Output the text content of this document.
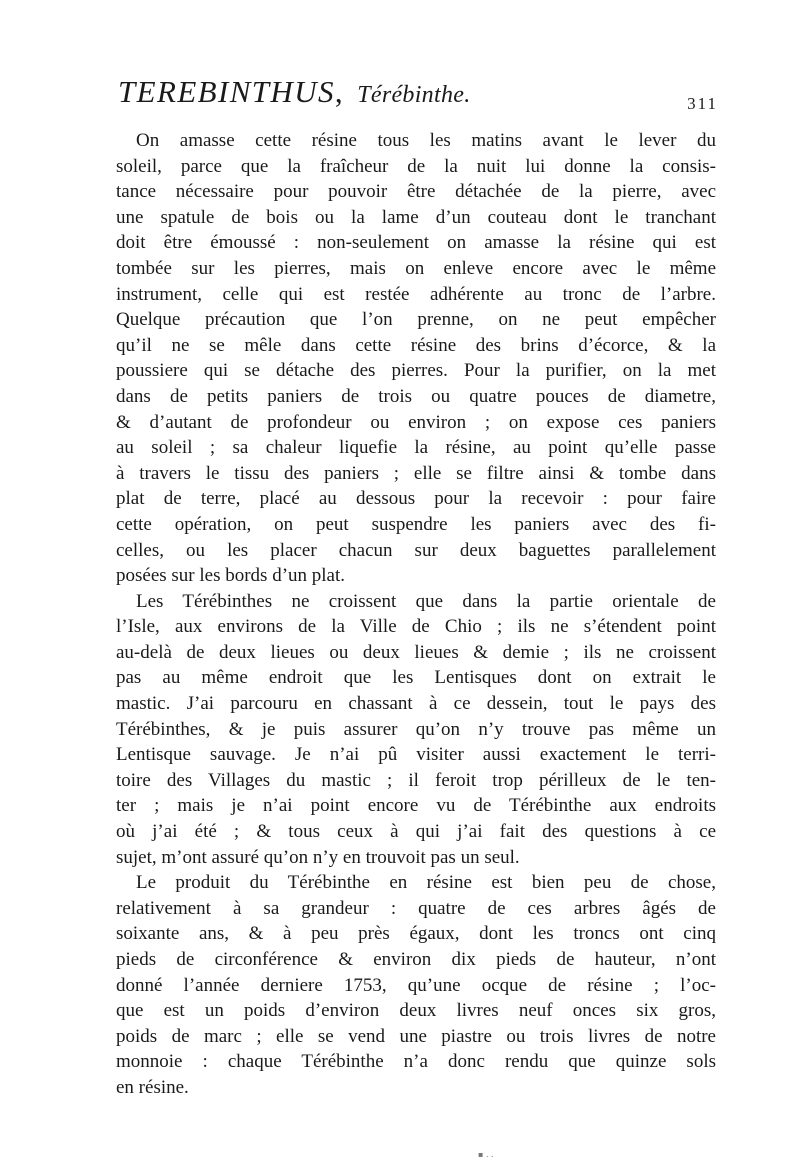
TEREBINTHUS, Térébinthe.	311
On amasse cette résine tous les matins avant le lever du
soleil, parce que la fraîcheur de la nuit lui donne la consis-
tance nécessaire pour pouvoir être détachée de la pierre, avec
une spatule de bois ou la lame d’un couteau dont le tranchant
doit être émoussé : non-seulement on amasse la résine qui est
tombée sur les pierres, mais on enleve encore avec le même
instrument, celle qui est restée adhérente au tronc de l’arbre.
Quelque précaution que l’on prenne, on ne peut empêcher
qu’il ne se mêle dans cette résine des brins d’écorce, & la
poussiere qui se détache des pierres. Pour la purifier, on la met
dans de petits paniers de trois ou quatre pouces de diametre,
& d’autant de profondeur ou environ ; on expose ces paniers
au soleil ; sa chaleur liquefie la résine, au point qu’elle passe
à travers le tissu des paniers ; elle se filtre ainsi & tombe dans
plat de terre, placé au dessous pour la recevoir : pour faire
cette opération, on peut suspendre les paniers avec des fi-
celles, ou les placer chacun sur deux baguettes parallelement
posées sur les bords d’un plat.
Les Térébinthes ne croissent que dans la partie orientale de
l’Isle, aux environs de la Ville de Chio ; ils ne s’étendent point
au-delà de deux lieues ou deux lieues & demie ; ils ne croissent
pas au même endroit que les Lentisques dont on extrait le
mastic. J’ai parcouru en chassant à ce dessein, tout le pays des
Térébinthes, & je puis assurer qu’on n’y trouve pas même un
Lentisque sauvage. Je n’ai pû visiter aussi exactement le terri-
toire des Villages du mastic ; il feroit trop périlleux de le ten-
ter ; mais je n’ai point encore vu de Térébinthe aux endroits
où j’ai été ; & tous ceux à qui j’ai fait des questions à ce
sujet, m’ont assuré qu’on n’y en trouvoit pas un seul.
Le produit du Térébinthe en résine est bien peu de chose,
relativement à sa grandeur : quatre de ces arbres âgés de
soixante ans, & à peu près égaux, dont les troncs ont cinq
pieds de circonférence & environ dix pieds de hauteur, n’ont
donné l’année derniere 1753, qu’une ocque de résine ; l’oc-
que est un poids d’environ deux livres neuf onces six gros,
poids de marc ; elle se vend une piastre ou trois livres de notre
monnoie : chaque Térébinthe n’a donc rendu que quinze sols
en résine.
▪ . .
